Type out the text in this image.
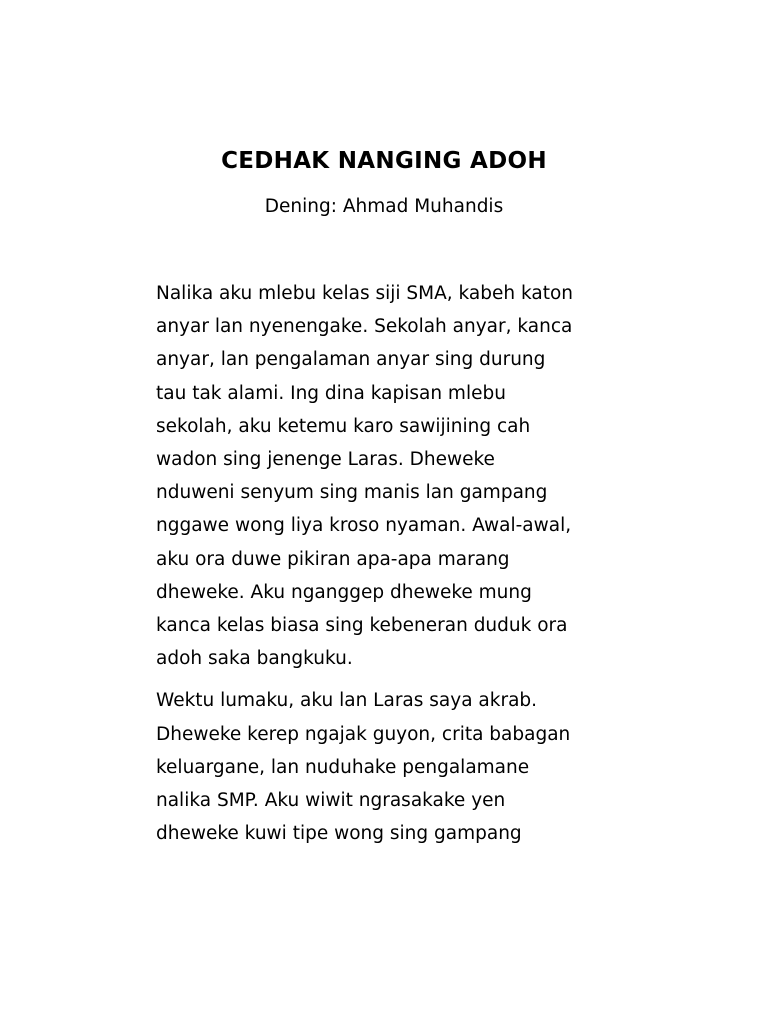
CEDHAK NANGING ADOH

Dening: Ahmad Muhandis

Nalika aku mlebu kelas siji SMA, kabeh katon
anyar lan nyenengake. Sekolah anyar, kanca
anyar, lan pengalaman anyar sing durung
tau tak alami. Ing dina kapisan mlebu
sekolah, aku ketemu karo sawijining cah
wadon sing jenenge Laras. Dheweke
nduweni senyum sing manis lan gampang
nggawe wong liya kroso nyaman. Awal-awal,
aku ora duwe pikiran apa-apa marang
dheweke. Aku nganggep dheweke mung
kanca kelas biasa sing kebeneran duduk ora
adoh saka bangkuku.
Wektu lumaku, aku lan Laras saya akrab.
Dheweke kerep ngajak guyon, crita babagan
keluargane, lan nuduhake pengalamane
nalika SMP. Aku wiwit ngrasakake yen
dheweke kuwi tipe wong sing gampang
